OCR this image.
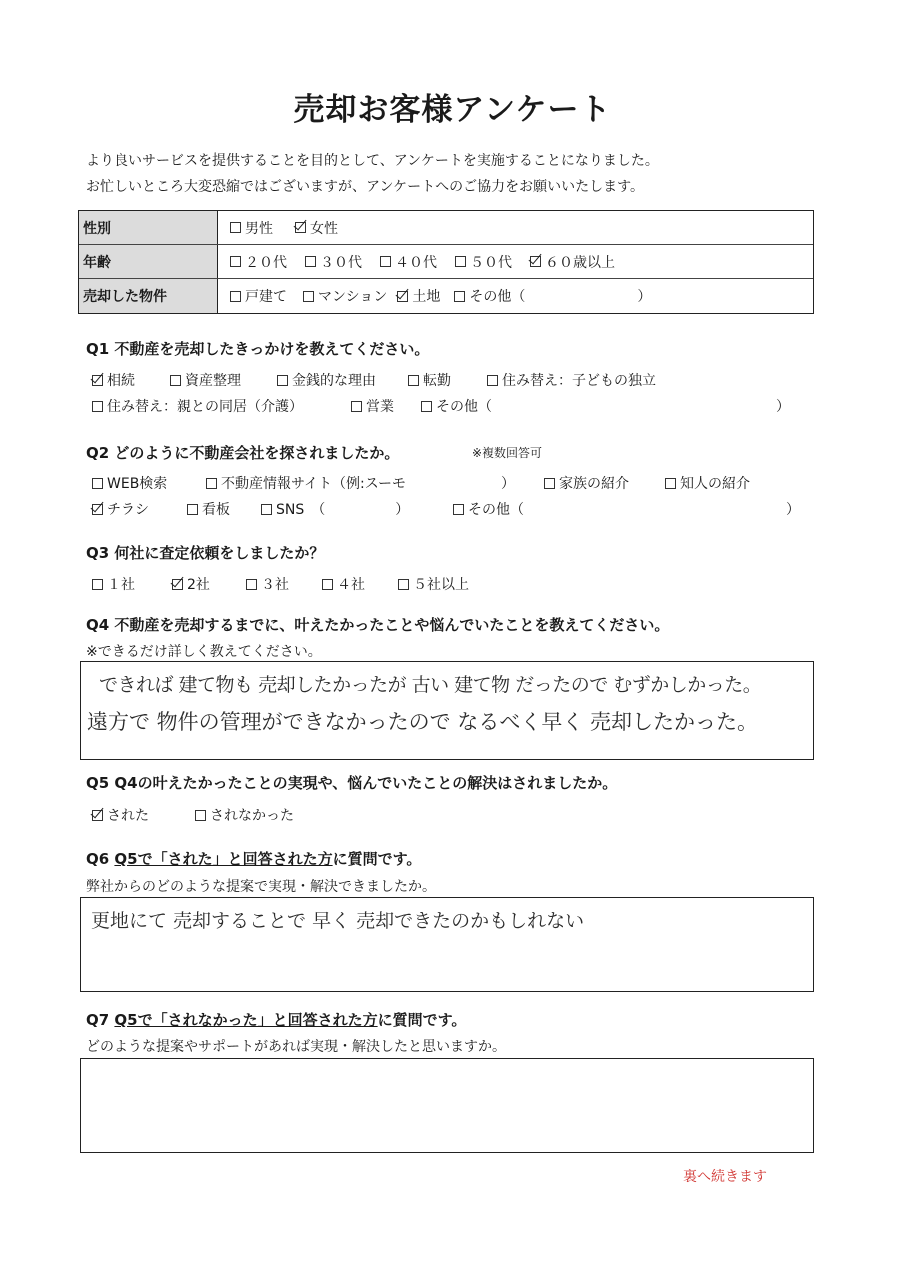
売却お客様アンケート
より良いサービスを提供することを目的として、アンケートを実施することになりました。
お忙しいところ大変恐縮ではございますが、アンケートへのご協力をお願いいたします。
性別	男性	女性
年齢	２０代 ３０代 ４０代 ５０代 ６０歳以上
売却した物件	戸建て マンション 土地 その他（　　　　　　　　）
Q1 不動産を売却したきっかけを教えてください。
相続	資産整理	金銭的な理由	転勤	住み替え：子どもの独立
住み替え：親との同居（介護）	営業	その他（	）
Q2 どのように不動産会社を探されましたか。	※複数回答可
WEB検索	不動産情報サイト（例:スーモ	）	家族の紹介	知人の紹介
チラシ	看板	SNS　（　　　　　）	その他（	）
Q3 何社に査定依頼をしましたか？
１社	2社	３社	４社	５社以上
Q4 不動産を売却するまでに、叶えたかったことや悩んでいたことを教えてください。
※できるだけ詳しく教えてください。
できれば 建て物も 売却したかったが 古い 建て物 だったので むずかしかった。
遠方で 物件の管理ができなかったので なるべく早く 売却したかった。
Q5 Q4の叶えたかったことの実現や、悩んでいたことの解決はされましたか。
された	されなかった
Q6 Q5で「された」と回答された方に質問です。
弊社からのどのような提案で実現・解決できましたか。
更地にて 売却することで 早く 売却できたのかもしれない
Q7 Q5で「されなかった」と回答された方に質問です。
どのような提案やサポートがあれば実現・解決したと思いますか。
裏へ続きます
